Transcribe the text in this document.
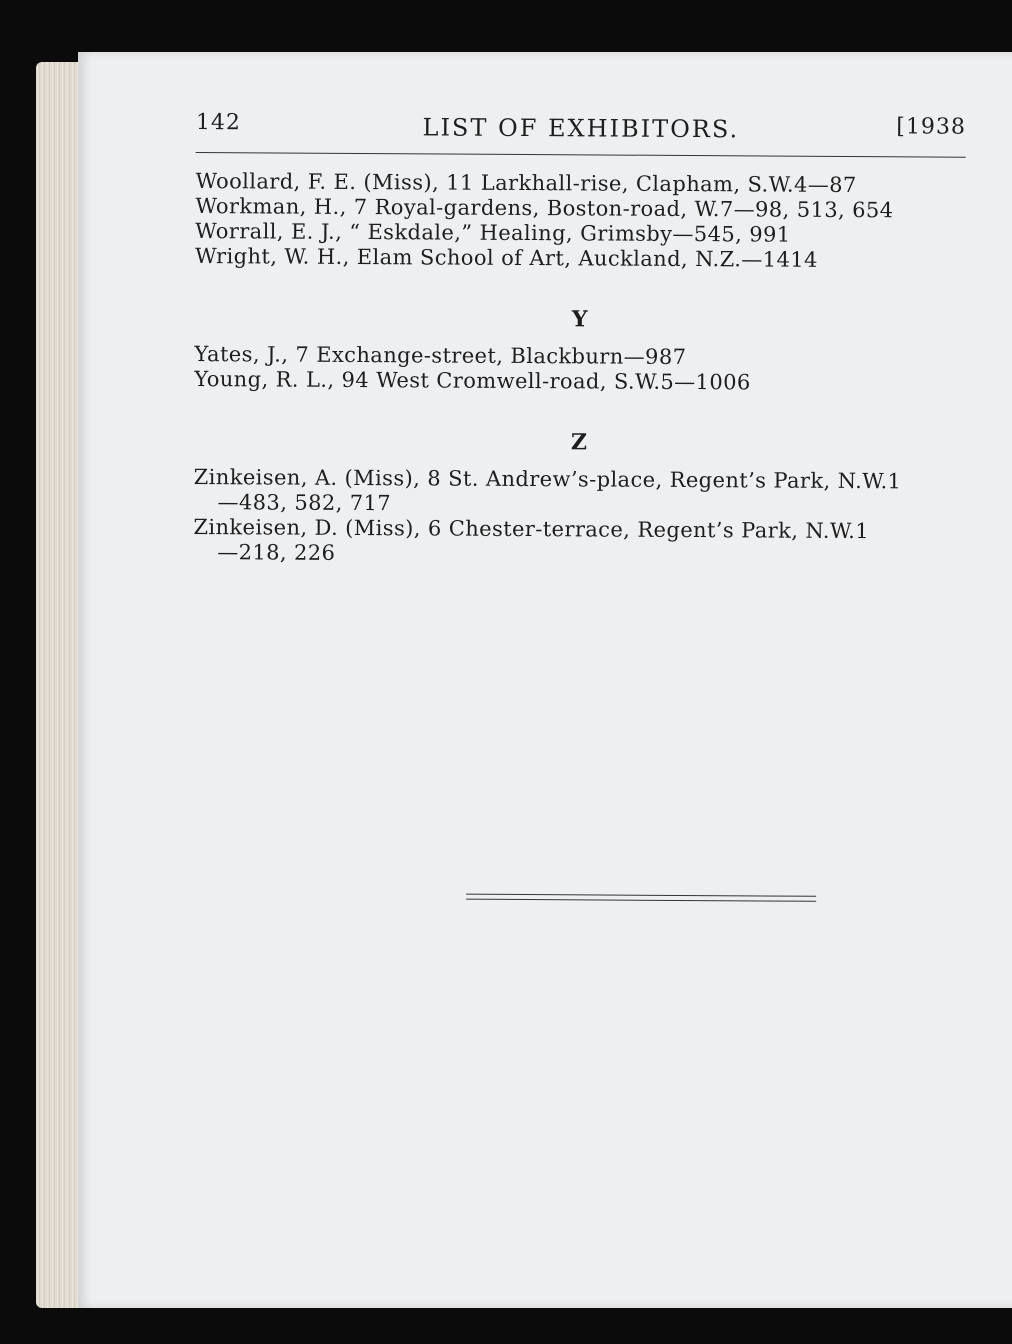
142	LIST OF EXHIBITORS.	[1938
Woollard, F. E. (Miss), 11 Larkhall-rise, Clapham, S.W.4—87
Workman, H., 7 Royal-gardens, Boston-road, W.7—98, 513, 654
Worrall, E. J., “ Eskdale,” Healing, Grimsby—545, 991
Wright, W. H., Elam School of Art, Auckland, N.Z.—1414
Y
Yates, J., 7 Exchange-street, Blackburn—987
Young, R. L., 94 West Cromwell-road, S.W.5—1006
Z
Zinkeisen, A. (Miss), 8 St. Andrew’s-place, Regent’s Park, N.W.1
—483, 582, 717
Zinkeisen, D. (Miss), 6 Chester-terrace, Regent’s Park, N.W.1
—218, 226
